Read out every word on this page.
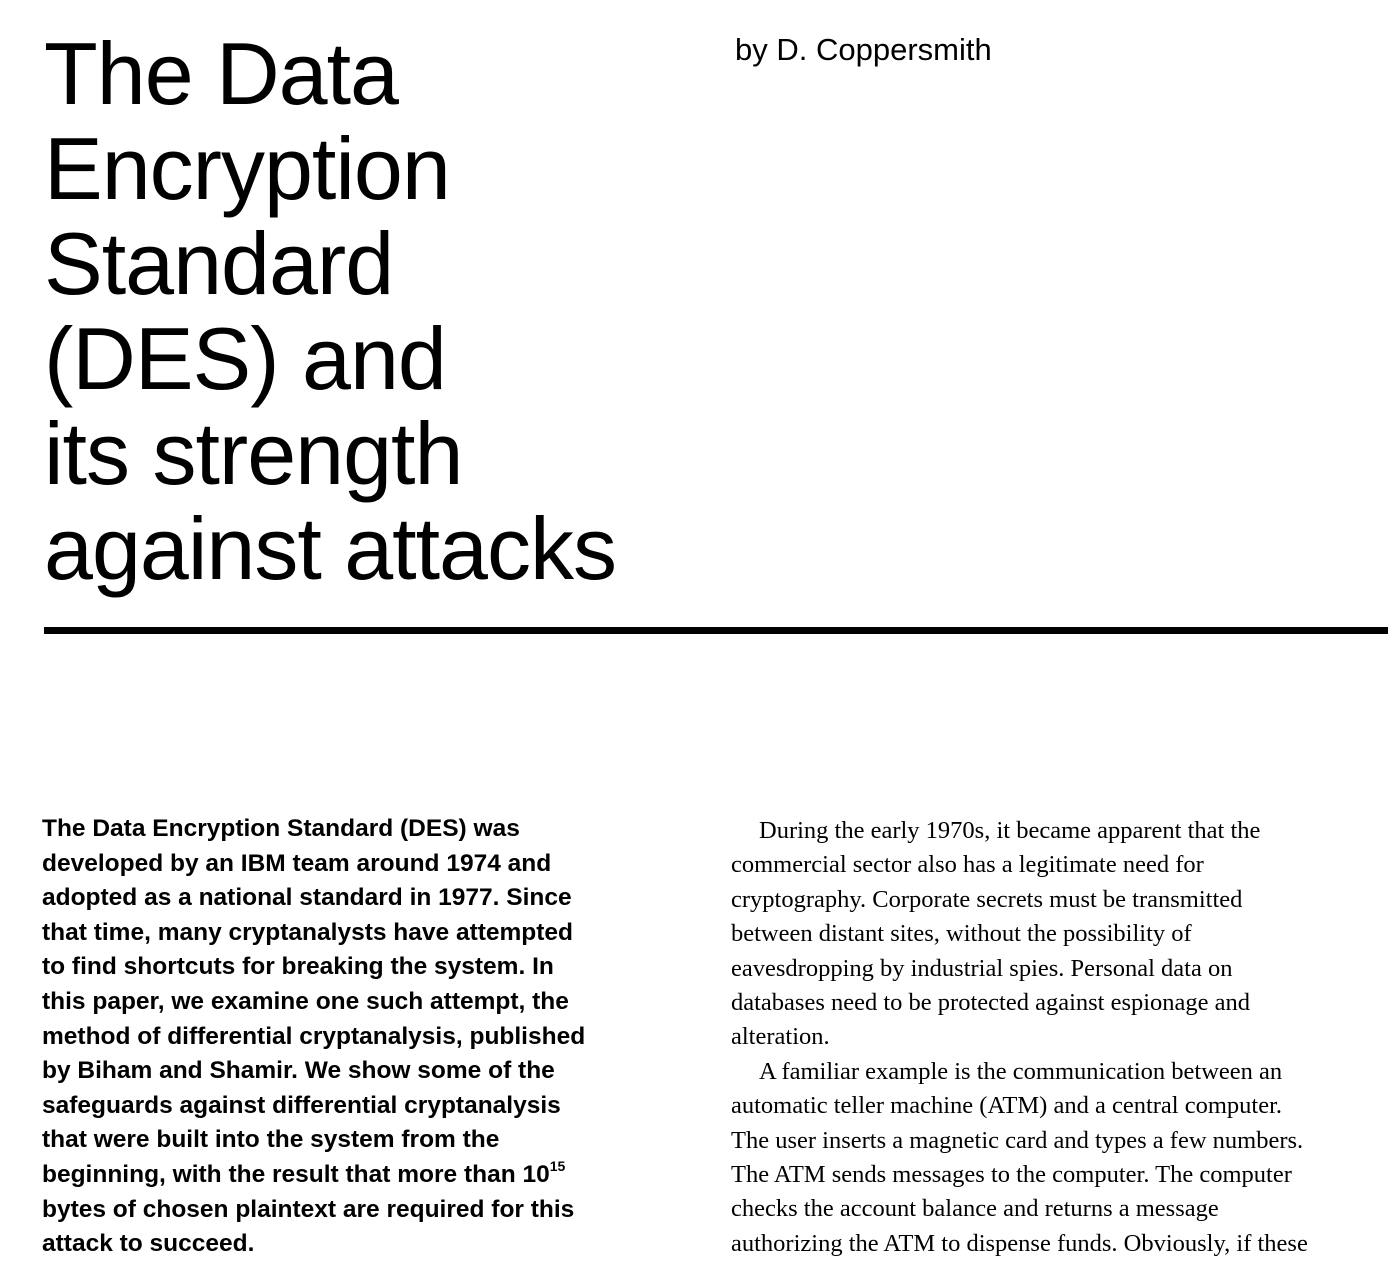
The Data
Encryption
Standard
(DES) and
its strength
against attacks

by D. Coppersmith

The Data Encryption Standard (DES) was
developed by an IBM team around 1974 and
adopted as a national standard in 1977. Since
that time, many cryptanalysts have attempted
to find shortcuts for breaking the system. In
this paper, we examine one such attempt, the
method of differential cryptanalysis, published
by Biham and Shamir. We show some of the
safeguards against differential cryptanalysis
that were built into the system from the
beginning, with the result that more than $10^{15}$
bytes of chosen plaintext are required for this
attack to succeed.
During the early 1970s, it became apparent that the
commercial sector also has a legitimate need for
cryptography. Corporate secrets must be transmitted
between distant sites, without the possibility of
eavesdropping by industrial spies. Personal data on
databases need to be protected against espionage and
alteration.
A familiar example is the communication between an
automatic teller machine (ATM) and a central computer.
The user inserts a magnetic card and types a few numbers.
The ATM sends messages to the computer. The computer
checks the account balance and returns a message
authorizing the ATM to dispense funds. Obviously, if these
